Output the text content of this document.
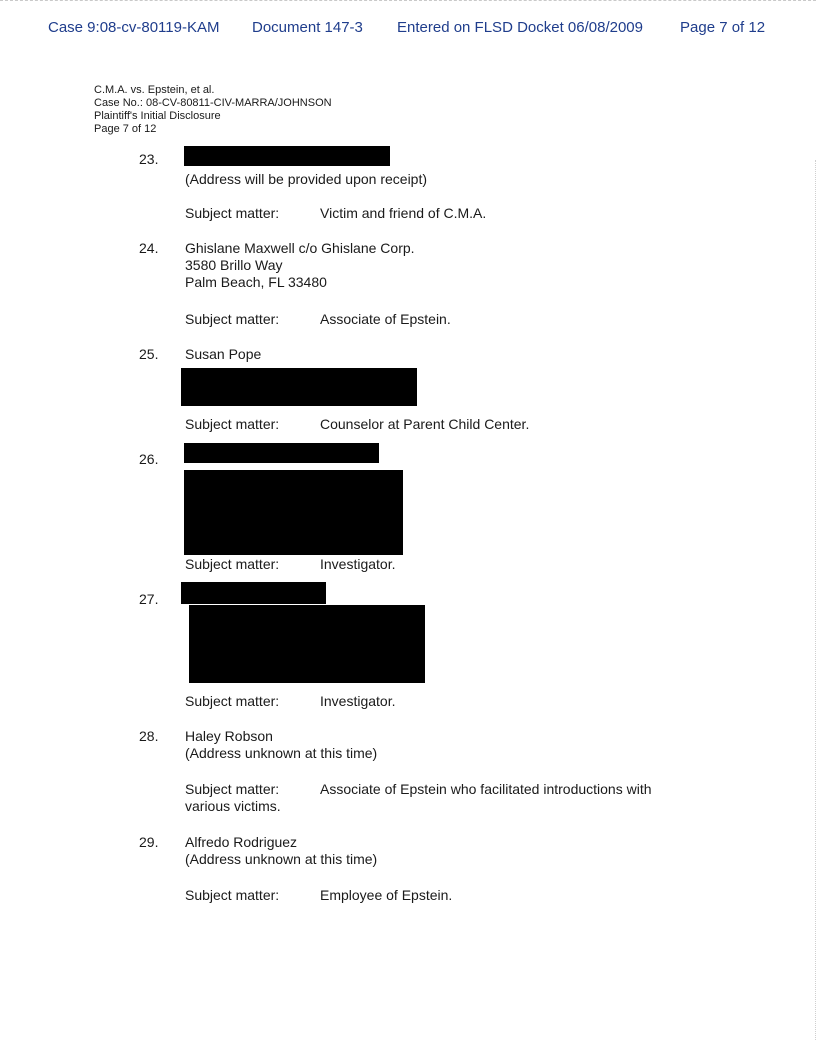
Case 9:08-cv-80119-KAM Document 147-3 Entered on FLSD Docket 06/08/2009 Page 7 of 12
C.M.A. vs. Epstein, et al.
Case No.: 08-CV-80811-CIV-MARRA/JOHNSON
Plaintiff's Initial Disclosure
Page 7 of 12
23.
(Address will be provided upon receipt)
Subject matter:	Victim and friend of C.M.A.
24. Ghislane Maxwell c/o Ghislane Corp.
3580 Brillo Way
Palm Beach, FL 33480
Subject matter:	Associate of Epstein.
25. Susan Pope
Subject matter:	Counselor at Parent Child Center.
26.
Subject matter:	Investigator.
27.
Subject matter:	Investigator.
28. Haley Robson
(Address unknown at this time)
Subject matter:	Associate of Epstein who facilitated introductions with
various victims.
29. Alfredo Rodriguez
(Address unknown at this time)
Subject matter:	Employee of Epstein.
